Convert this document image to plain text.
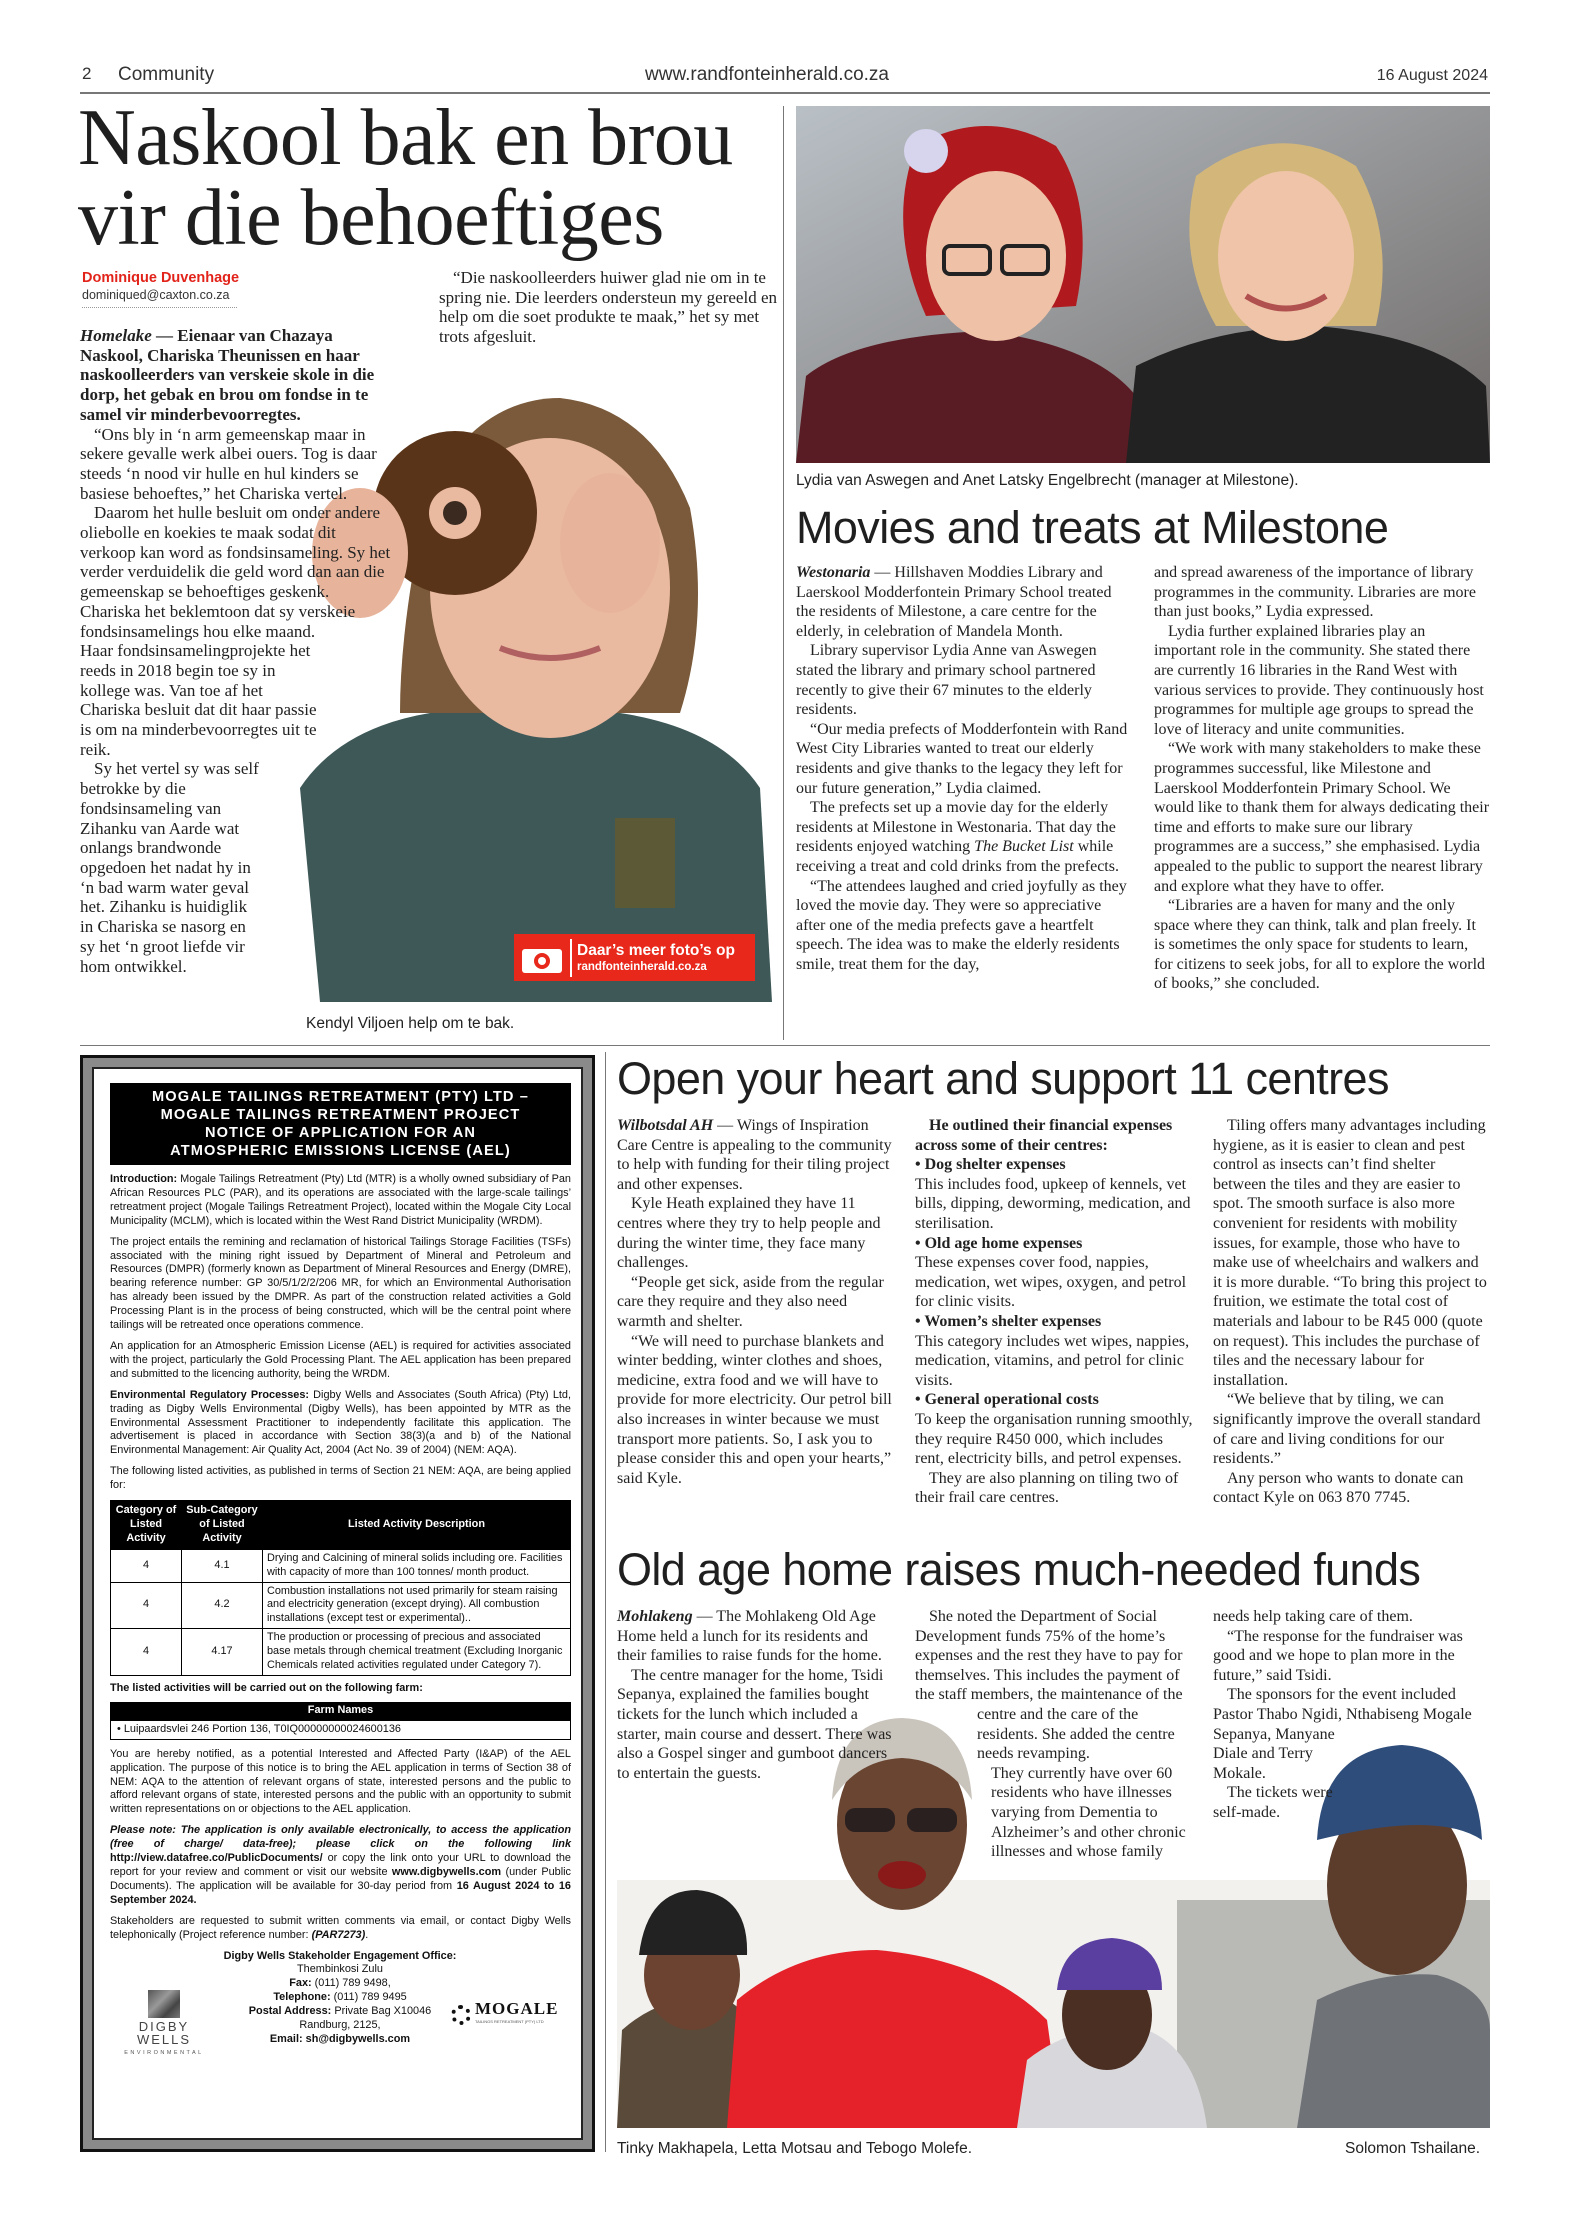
2 Community	www.randfonteinherald.co.za	16 August 2024
Naskool bak en brou
vir die behoeftiges
Dominique Duvenhage
dominiqued@caxton.co.za
Daar’s meer foto’s op
randfonteinherald.co.za
Kendyl Viljoen help om te bak.

Homelake — Eienaar van Chazaya Naskool, Chariska Theunissen en haar naskoolleerders van verskeie skole in die dorp, het gebak en brou om fondse in te samel vir minderbevoorregtes.

“Ons bly in ‘n arm gemeenskap maar in sekere gevalle werk albei ouers. Tog is daar steeds ‘n nood vir hulle en hul kinders se basiese behoeftes,” het Chariska vertel.

Daarom het hulle besluit om onder andere oliebolle en koekies te maak sodat dit verkoop kan word as fondsinsameling. Sy het verder verduidelik die geld word dan aan die gemeenskap se behoeftiges geskenk. Chariska het beklemtoon dat sy verskeie fondsinsamelings hou elke maand. Haar fondsinsamelingprojekte het reeds in 2018 begin toe sy in kollege was. Van toe af het Chariska besluit dat dit haar passie is om na minderbevoorregtes uit te reik.

Sy het vertel sy was self betrokke by die fondsinsameling van Zihanku van Aarde wat onlangs brandwonde opgedoen het nadat hy in ‘n bad warm water geval het. Zihanku is huidiglik in Chariska se nasorg en sy het ‘n groot liefde vir hom ontwikkel.

“Die naskoolleerders huiwer glad nie om in te spring nie. Die leerders ondersteun my gereeld en help om die soet produkte te maak,” het sy met trots afgesluit.

Lydia van Aswegen and Anet Latsky Engelbrecht (manager at Milestone).
Movies and treats at Milestone

Westonaria — Hillshaven Moddies Library and Laerskool Modderfontein Primary School treated the residents of Milestone, a care centre for the elderly, in celebration of Mandela Month.

Library supervisor Lydia Anne van Aswegen stated the library and primary school partnered recently to give their 67 minutes to the elderly residents.

“Our media prefects of Modderfontein with Rand West City Libraries wanted to treat our elderly residents and give thanks to the legacy they left for our future generation,” Lydia claimed.

The prefects set up a movie day for the elderly residents at Milestone in Westonaria. That day the residents enjoyed watching The Bucket List while receiving a treat and cold drinks from the prefects.

“The attendees laughed and cried joyfully as they loved the movie day. They were so appreciative after one of the media prefects gave a heartfelt speech. The idea was to make the elderly residents smile, treat them for the day,

and spread awareness of the importance of library programmes in the community. Libraries are more than just books,” Lydia expressed.

Lydia further explained libraries play an important role in the community. She stated there are currently 16 libraries in the Rand West with various services to provide. They continuously host programmes for multiple age groups to spread the love of literacy and unite communities.

“We work with many stakeholders to make these programmes successful, like Milestone and Laerskool Modderfontein Primary School. We would like to thank them for always dedicating their time and efforts to make sure our library programmes are a success,” she emphasised. Lydia appealed to the public to support the nearest library and explore what they have to offer.

“Libraries are a haven for many and the only space where they can think, talk and plan freely. It is sometimes the only space for students to learn, for citizens to seek jobs, for all to explore the world of books,” she concluded.

MOGALE TAILINGS RETREATMENT (PTY) LTD –
MOGALE TAILINGS RETREATMENT PROJECT
NOTICE OF APPLICATION FOR AN
ATMOSPHERIC EMISSIONS LICENSE (AEL)

Introduction: Mogale Tailings Retreatment (Pty) Ltd (MTR) is a wholly owned subsidiary of Pan African Resources PLC (PAR), and its operations are associated with the large-scale tailings’ retreatment project (Mogale Tailings Retreatment Project), located within the Mogale City Local Municipality (MCLM), which is located within the West Rand District Municipality (WRDM).

The project entails the remining and reclamation of historical Tailings Storage Facilities (TSFs) associated with the mining right issued by Department of Mineral and Petroleum and Resources (DMPR) (formerly known as Department of Mineral Resources and Energy (DMRE), bearing reference number: GP 30/5/1/2/2/206 MR, for which an Environmental Authorisation has already been issued by the DMPR. As part of the construction related activities a Gold Processing Plant is in the process of being constructed, which will be the central point where tailings will be retreated once operations commence.

An application for an Atmospheric Emission License (AEL) is required for activities associated with the project, particularly the Gold Processing Plant. The AEL application has been prepared and submitted to the licencing authority, being the WRDM.

Environmental Regulatory Processes: Digby Wells and Associates (South Africa) (Pty) Ltd, trading as Digby Wells Environmental (Digby Wells), has been appointed by MTR as the Environmental Assessment Practitioner to independently facilitate this application. The advertisement is placed in accordance with Section 38(3)(a and b) of the National Environmental Management: Air Quality Act, 2004 (Act No. 39 of 2004) (NEM: AQA).

The following listed activities, as published in terms of Section 21 NEM: AQA, are being applied for:

Category of Listed Activity	Sub-Category of Listed Activity	Listed Activity Description
4	4.1	Drying and Calcining of mineral solids including ore. Facilities with capacity of more than 100 tonnes/ month product.
4	4.2	Combustion installations not used primarily for steam raising and electricity generation (except drying). All combustion installations (except test or experimental)..
4	4.17	The production or processing of precious and associated base metals through chemical treatment (Excluding Inorganic Chemicals related activities regulated under Category 7).

The listed activities will be carried out on the following farm:

Farm Names
• Luipaardsvlei 246 Portion 136, T0IQ00000000024600136

You are hereby notified, as a potential Interested and Affected Party (I&AP) of the AEL application. The purpose of this notice is to bring the AEL application in terms of Section 38 of NEM: AQA to the attention of relevant organs of state, interested persons and the public to afford relevant organs of state, interested persons and the public with an opportunity to submit written representations on or objections to the AEL application.

Please note: The application is only available electronically, to access the application (free of charge/ data-free); please click on the following link http://view.datafree.co/PublicDocuments/ or copy the link onto your URL to download the report for your review and comment or visit our website www.digbywells.com (under Public Documents). The application will be available for 30-day period from 16 August 2024 to 16 September 2024.

Stakeholders are requested to submit written comments via email, or contact Digby Wells telephonically (Project reference number: (PAR7273).

Digby Wells Stakeholder Engagement Office:
Thembinkosi Zulu
Fax: (011) 789 9498,
Telephone: (011) 789 9495
Postal Address: Private Bag X10046
Randburg, 2125,
Email: sh@digbywells.com
DIGBY WELLS
ENVIRONMENTAL
MOGALE
TAILINGS RETREATMENT (PTY) LTD
Open your heart and support 11 centres

Wilbotsdal AH — Wings of Inspiration Care Centre is appealing to the community to help with funding for their tiling project and other expenses.

Kyle Heath explained they have 11 centres where they try to help people and during the winter time, they face many challenges.

“People get sick, aside from the regular care they require and they also need warmth and shelter.

“We will need to purchase blankets and winter bedding, winter clothes and shoes, medicine, extra food and we will have to provide for more electricity. Our petrol bill also increases in winter because we must transport more patients. So, I ask you to please consider this and open your hearts,” said Kyle.

He outlined their financial expenses across some of their centres:

• Dog shelter expenses
This includes food, upkeep of kennels, vet bills, dipping, deworming, medication, and sterilisation.
• Old age home expenses
These expenses cover food, nappies, medication, wet wipes, oxygen, and petrol for clinic visits.
• Women’s shelter expenses
This category includes wet wipes, nappies, medication, vitamins, and petrol for clinic visits.
• General operational costs
To keep the organisation running smoothly, they require R450 000, which includes rent, electricity bills, and petrol expenses.

They are also planning on tiling two of their frail care centres.

Tiling offers many advantages including hygiene, as it is easier to clean and pest control as insects can’t find shelter between the tiles and they are easier to spot. The smooth surface is also more convenient for residents with mobility issues, for example, those who have to make use of wheelchairs and walkers and it is more durable. “To bring this project to fruition, we estimate the total cost of materials and labour to be R45 000 (quote on request). This includes the purchase of tiles and the necessary labour for installation.

“We believe that by tiling, we can significantly improve the overall standard of care and living conditions for our residents.”

Any person who wants to donate can contact Kyle on 063 870 7745.

Old age home raises much-needed funds

Mohlakeng — The Mohlakeng Old Age Home held a lunch for its residents and their families to raise funds for the home.

The centre manager for the home, Tsidi Sepanya, explained the families bought tickets for the lunch which included a starter, main course and dessert. There was also a Gospel singer and gumboot dancers to entertain the guests.

She noted the Department of Social Development funds 75% of the home’s expenses and the rest they have to pay for themselves. This includes the payment of the staff members, the maintenance of the centre and the care of the residents. She added the centre needs revamping.

They currently have over 60 residents who have illnesses varying from Dementia to Alzheimer’s and other chronic illnesses and whose family

needs help taking care of them.

“The response for the fundraiser was good and we hope to plan more in the future,” said Tsidi.

The sponsors for the event included Pastor Thabo Ngidi, Nthabiseng Mogale Sepanya, Manyane Diale and Terry Mokale.

The tickets were self-made.

Tinky Makhapela, Letta Motsau and Tebogo Molefe.	Solomon Tshailane.
